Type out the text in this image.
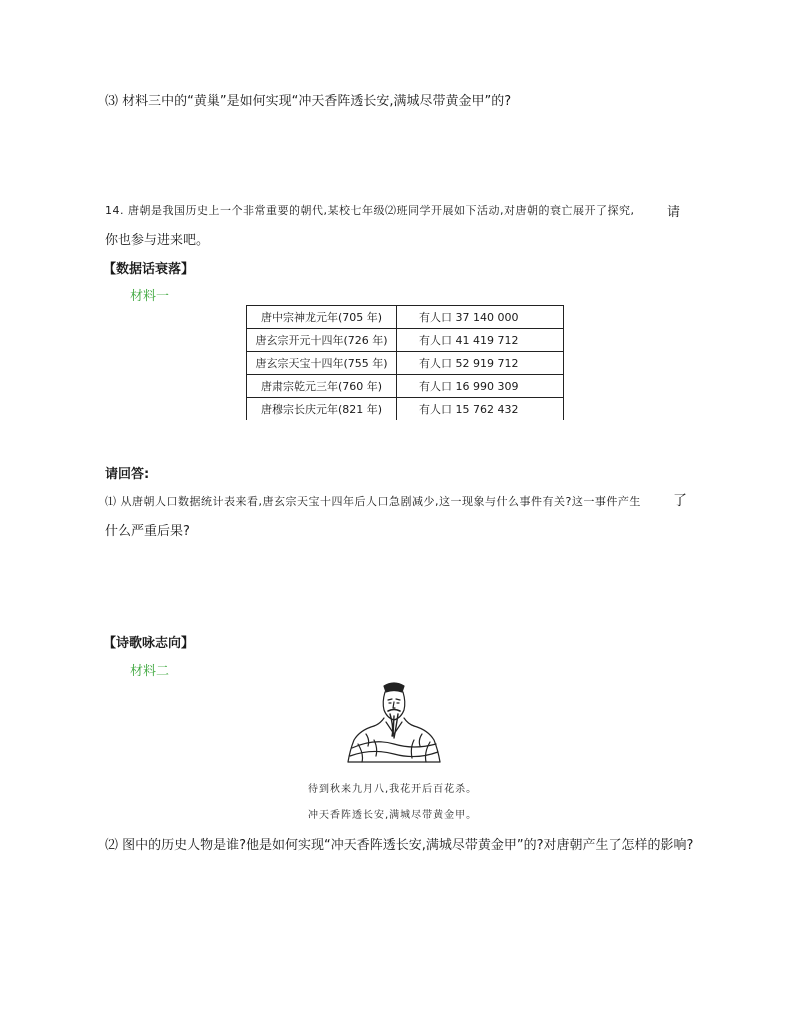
⑶ 材料三中的“黄巢”是如何实现“冲天香阵透长安,满城尽带黄金甲”的?
14. 唐朝是我国历史上一个非常重要的朝代,某校七年级⑵班同学开展如下活动,对唐朝的衰亡展开了探究,	请
你也参与进来吧。
【数据话衰落】
材料一
唐中宗神龙元年(705 年)	有人口 37 140 000
唐玄宗开元十四年(726 年)	有人口 41 419 712
唐玄宗天宝十四年(755 年)	有人口 52 919 712
唐肃宗乾元三年(760 年)	有人口 16 990 309
唐穆宗长庆元年(821 年)	有人口 15 762 432
请回答:
⑴ 从唐朝人口数据统计表来看,唐玄宗天宝十四年后人口急剧减少,这一现象与什么事件有关?这一事件产生 了
什么严重后果?
【诗歌咏志向】
材料二
待到秋来九月八,我花开后百花杀。
冲天香阵透长安,满城尽带黄金甲。
⑵ 图中的历史人物是谁?他是如何实现“冲天香阵透长安,满城尽带黄金甲”的?对唐朝产生了怎样的影响?
